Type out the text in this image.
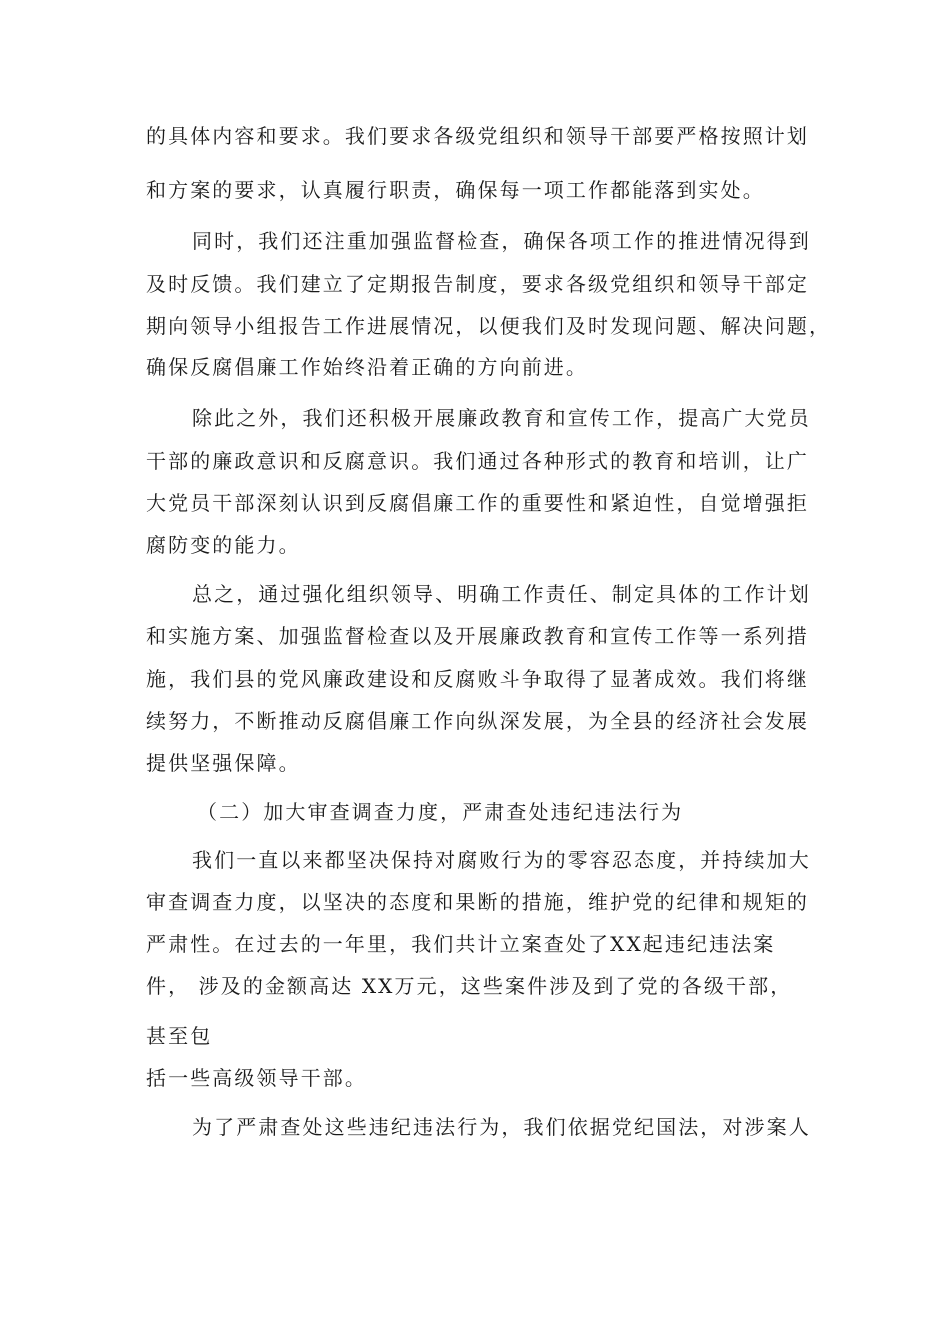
的具体内容和要求。我们要求各级党组织和领导干部要严格按照计划
和方案的要求，认真履行职责，确保每一项工作都能落到实处。
同时，我们还注重加强监督检查，确保各项工作的推进情况得到
及时反馈。我们建立了定期报告制度，要求各级党组织和领导干部定
期向领导小组报告工作进展情况，以便我们及时发现问题、解决问题，
确保反腐倡廉工作始终沿着正确的方向前进。
除此之外，我们还积极开展廉政教育和宣传工作，提高广大党员
干部的廉政意识和反腐意识。我们通过各种形式的教育和培训，让广
大党员干部深刻认识到反腐倡廉工作的重要性和紧迫性，自觉增强拒
腐防变的能力。
总之，通过强化组织领导、明确工作责任、制定具体的工作计划
和实施方案、加强监督检查以及开展廉政教育和宣传工作等一系列措
施，我们县的党风廉政建设和反腐败斗争取得了显著成效。我们将继
续努力，不断推动反腐倡廉工作向纵深发展，为全县的经济社会发展
提供坚强保障。
（二）加大审查调查力度，严肃查处违纪违法行为
我们一直以来都坚决保持对腐败行为的零容忍态度，并持续加大
审查调查力度，以坚决的态度和果断的措施，维护党的纪律和规矩的
严肃性。在过去的一年里，我们共计立案查处了XX起违纪违法案
件， 涉及的金额高达 XX万元，这些案件涉及到了党的各级干部，
甚至包
括一些高级领导干部。
为了严肃查处这些违纪违法行为，我们依据党纪国法，对涉案人
